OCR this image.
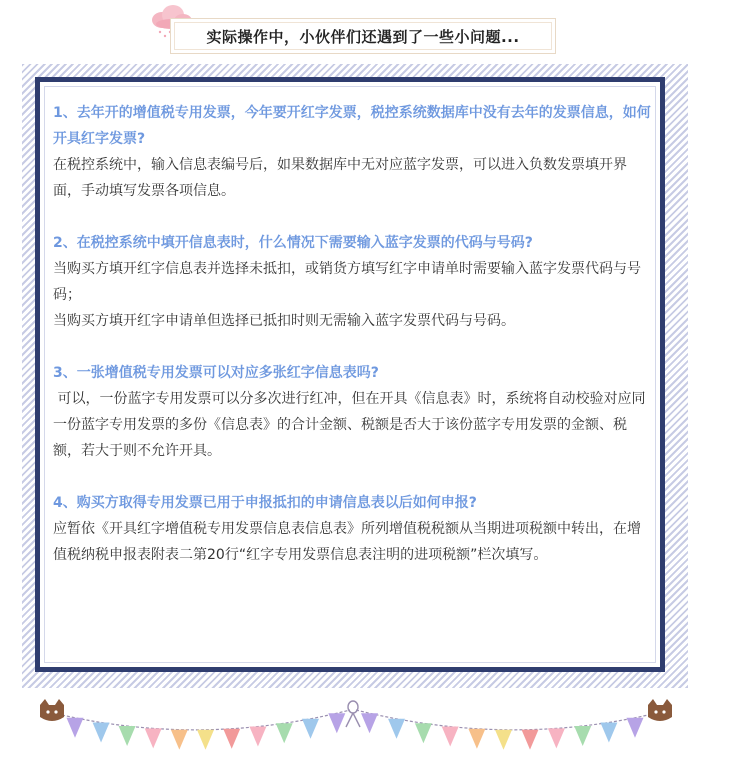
实际操作中，小伙伴们还遇到了一些小问题...
1、去年开的增值税专用发票，今年要开红字发票，税控系统数据库中没有去年的发票信息，如何开具红字发票?

在税控系统中，输入信息表编号后，如果数据库中无对应蓝字发票，可以进入负数发票填开界面，手动填写发票各项信息。

2、在税控系统中填开信息表时，什么情况下需要输入蓝字发票的代码与号码?

当购买方填开红字信息表并选择未抵扣，或销货方填写红字申请单时需要输入蓝字发票代码与号码；

当购买方填开红字申请单但选择已抵扣时则无需输入蓝字发票代码与号码。

3、一张增值税专用发票可以对应多张红字信息表吗?

可以，一份蓝字专用发票可以分多次进行红冲，但在开具《信息表》时，系统将自动校验对应同一份蓝字专用发票的多份《信息表》的合计金额、税额是否大于该份蓝字专用发票的金额、税额，若大于则不允许开具。

4、购买方取得专用发票已用于申报抵扣的申请信息表以后如何申报?

应暂依《开具红字增值税专用发票信息表信息表》所列增值税税额从当期进项税额中转出，在增值税纳税申报表附表二第20行“红字专用发票信息表注明的进项税额”栏次填写。
